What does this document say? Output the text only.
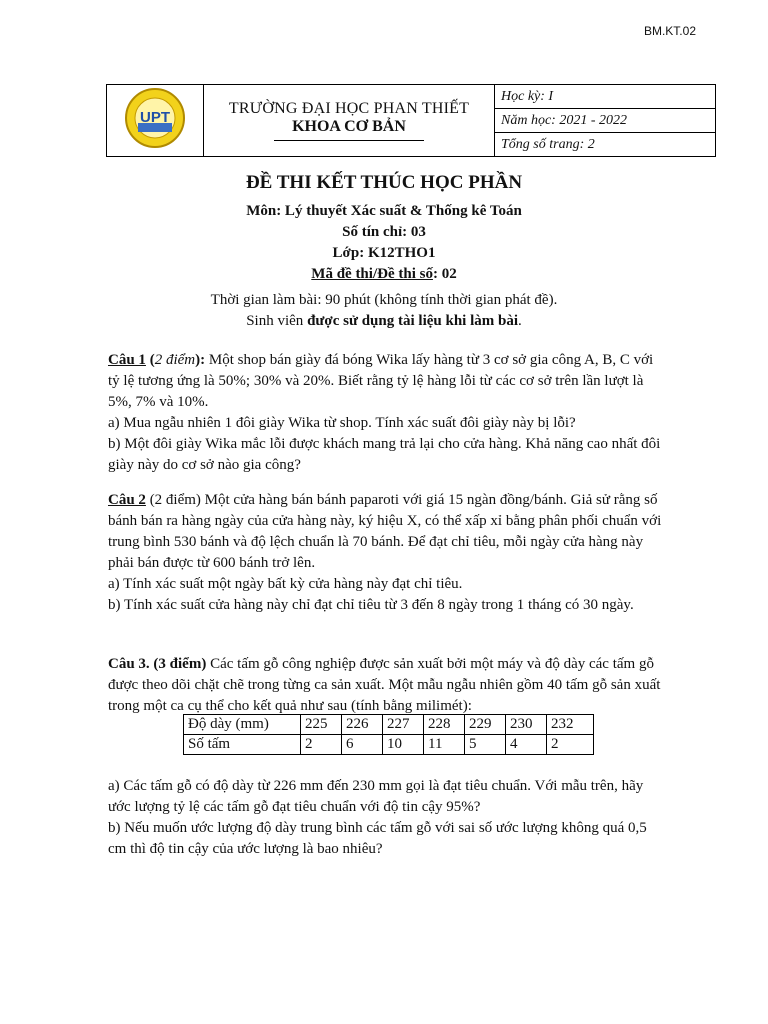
BM.KT.02
UPT

TRƯỜNG ĐẠI HỌC PHAN THIẾT
KHOA CƠ BẢN
	Học kỳ: I
Năm học: 2021 - 2022
Tổng số trang: 2
ĐỀ THI KẾT THÚC HỌC PHẦN
Môn: Lý thuyết Xác suất & Thống kê Toán
Số tín chỉ: 03
Lớp: K12THO1
Mã đề thi/Đề thi số: 02
Thời gian làm bài: 90 phút (không tính thời gian phát đề).
Sinh viên được sử dụng tài liệu khi làm bài.

Câu 1 (2 điểm): Một shop bán giày đá bóng Wika lấy hàng từ 3 cơ sở gia công A, B, C với tỷ lệ tương ứng là 50%; 30% và 20%. Biết rằng tỷ lệ hàng lỗi từ các cơ sở trên lần lượt là 5%, 7% và 10%.

a) Mua ngẫu nhiên 1 đôi giày Wika từ shop. Tính xác suất đôi giày này bị lỗi?

b) Một đôi giày Wika mắc lỗi được khách mang trả lại cho cửa hàng. Khả năng cao nhất đôi giày này do cơ sở nào gia công?

Câu 2 (2 điểm) Một cửa hàng bán bánh paparoti với giá 15 ngàn đồng/bánh. Giả sử rằng số bánh bán ra hàng ngày của cửa hàng này, ký hiệu X, có thể xấp xỉ bằng phân phối chuẩn với trung bình 530 bánh và độ lệch chuẩn là 70 bánh. Để đạt chỉ tiêu, mỗi ngày cửa hàng này phải bán được từ 600 bánh trở lên.

a) Tính xác suất một ngày bất kỳ cửa hàng này đạt chỉ tiêu.

b) Tính xác suất cửa hàng này chỉ đạt chỉ tiêu từ 3 đến 8 ngày trong 1 tháng có 30 ngày.

Câu 3. (3 điểm) Các tấm gỗ công nghiệp được sản xuất bởi một máy và độ dày các tấm gỗ được theo dõi chặt chẽ trong từng ca sản xuất. Một mẫu ngẫu nhiên gồm 40 tấm gỗ sản xuất trong một ca cụ thể cho kết quả như sau (tính bằng milimét):

Độ dày (mm)	225	226	227	228	229	230	232
Số tấm	2	6	10	11	5	4	2

a) Các tấm gỗ có độ dày từ 226 mm đến 230 mm gọi là đạt tiêu chuẩn. Với mẫu trên, hãy ước lượng tỷ lệ các tấm gỗ đạt tiêu chuẩn với độ tin cậy 95%?

b) Nếu muốn ước lượng độ dày trung bình các tấm gỗ với sai số ước lượng không quá 0,5 cm thì độ tin cậy của ước lượng là bao nhiêu?
